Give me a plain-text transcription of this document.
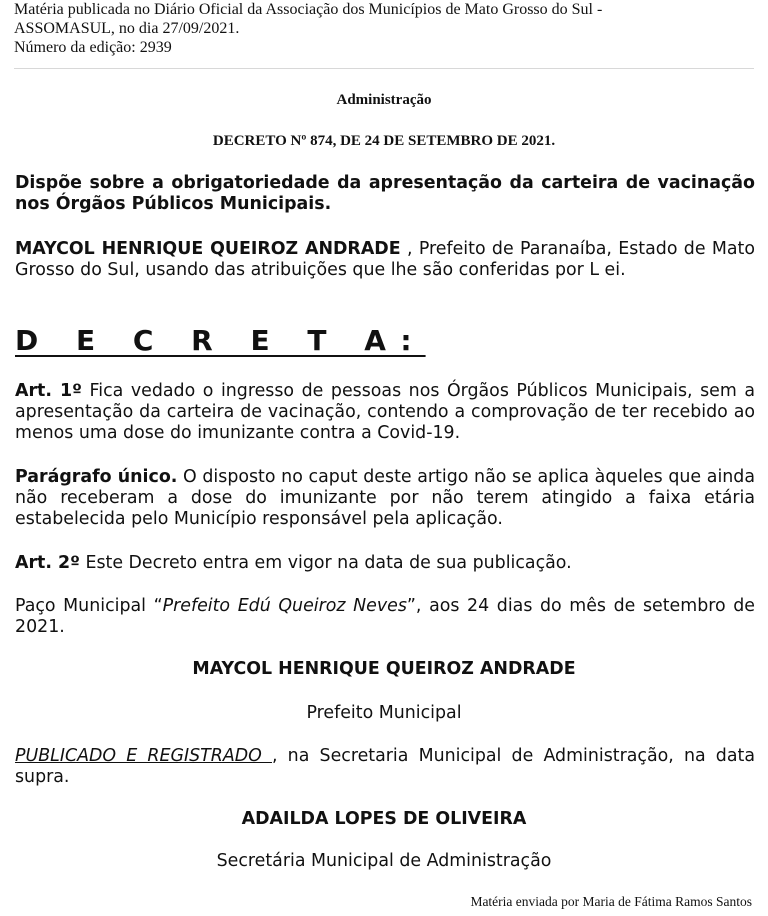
Matéria publicada no Diário Oficial da Associação dos Municípios de Mato Grosso do Sul -
ASSOMASUL, no dia 27/09/2021.
Número da edição: 2939
Administração
DECRETO Nº 874, DE 24 DE SETEMBRO DE 2021.
Dispõe sobre a obrigatoriedade da apresentação da carteira de vacinação nos Órgãos Públicos Municipais.
MAYCOL HENRIQUE QUEIROZ ANDRADE , Prefeito de Paranaíba, Estado de Mato Grosso do Sul, usando das atribuições que lhe são conferidas por L ei.
D E C R E T A:
Art. 1º Fica vedado o ingresso de pessoas nos Órgãos Públicos Municipais, sem a apresentação da carteira de vacinação, contendo a comprovação de ter recebido ao menos uma dose do imunizante contra a Covid-19.
Parágrafo único. O disposto no caput deste artigo não se aplica àqueles que ainda não receberam a dose do imunizante por não terem atingido a faixa etária estabelecida pelo Município responsável pela aplicação.
Art. 2º Este Decreto entra em vigor na data de sua publicação.
Paço Municipal “Prefeito Edú Queiroz Neves”, aos 24 dias do mês de setembro de 2021.
MAYCOL HENRIQUE QUEIROZ ANDRADE
Prefeito Municipal
PUBLICADO E REGISTRADO , na Secretaria Municipal de Administração, na data supra.
ADAILDA LOPES DE OLIVEIRA
Secretária Municipal de Administração
Matéria enviada por Maria de Fátima Ramos Santos
